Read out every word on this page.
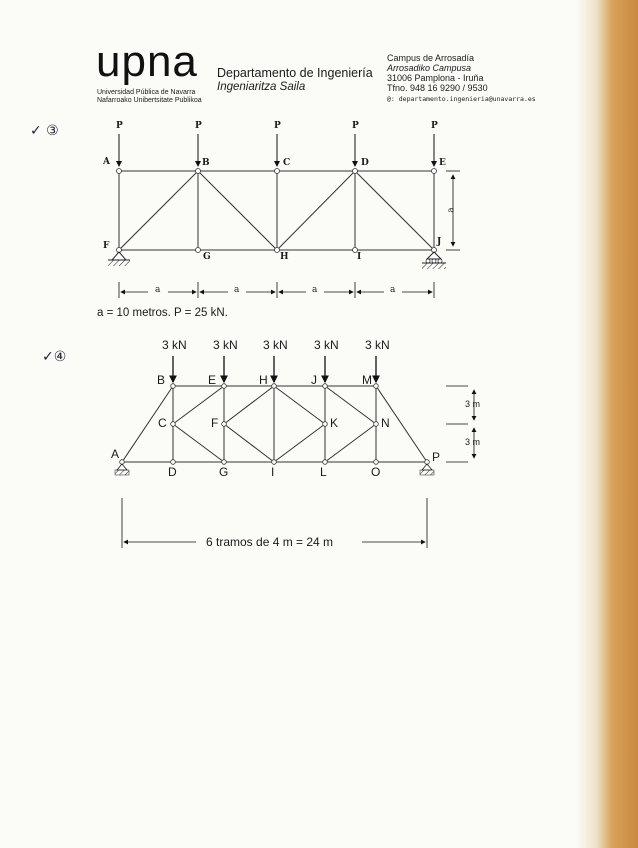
upna
Universidad Pública de Navarra
Nafarroako Unibertsitate Publikoa
Departamento de Ingeniería
Ingeniaritza Saila
Campus de Arrosadía
Arrosadiko Campusa
31006 Pamplona - Iruña
Tfno. 948 16 9290 / 9530
@: departamento.ingenieria@unavarra.es
✓ ③
✓④
P	P	P	P	P
A	B	C	D	E
F
G	H	I
J
a
a	a	a	a
a = 10 metros. P = 25 kN.
3 kN 3 kN 3 kN 3 kN 3 kN
B	E	H	J	M
C	F	K	N
A
D	G	I	L	O
P
3 m
3 m
6 tramos de 4 m = 24 m
